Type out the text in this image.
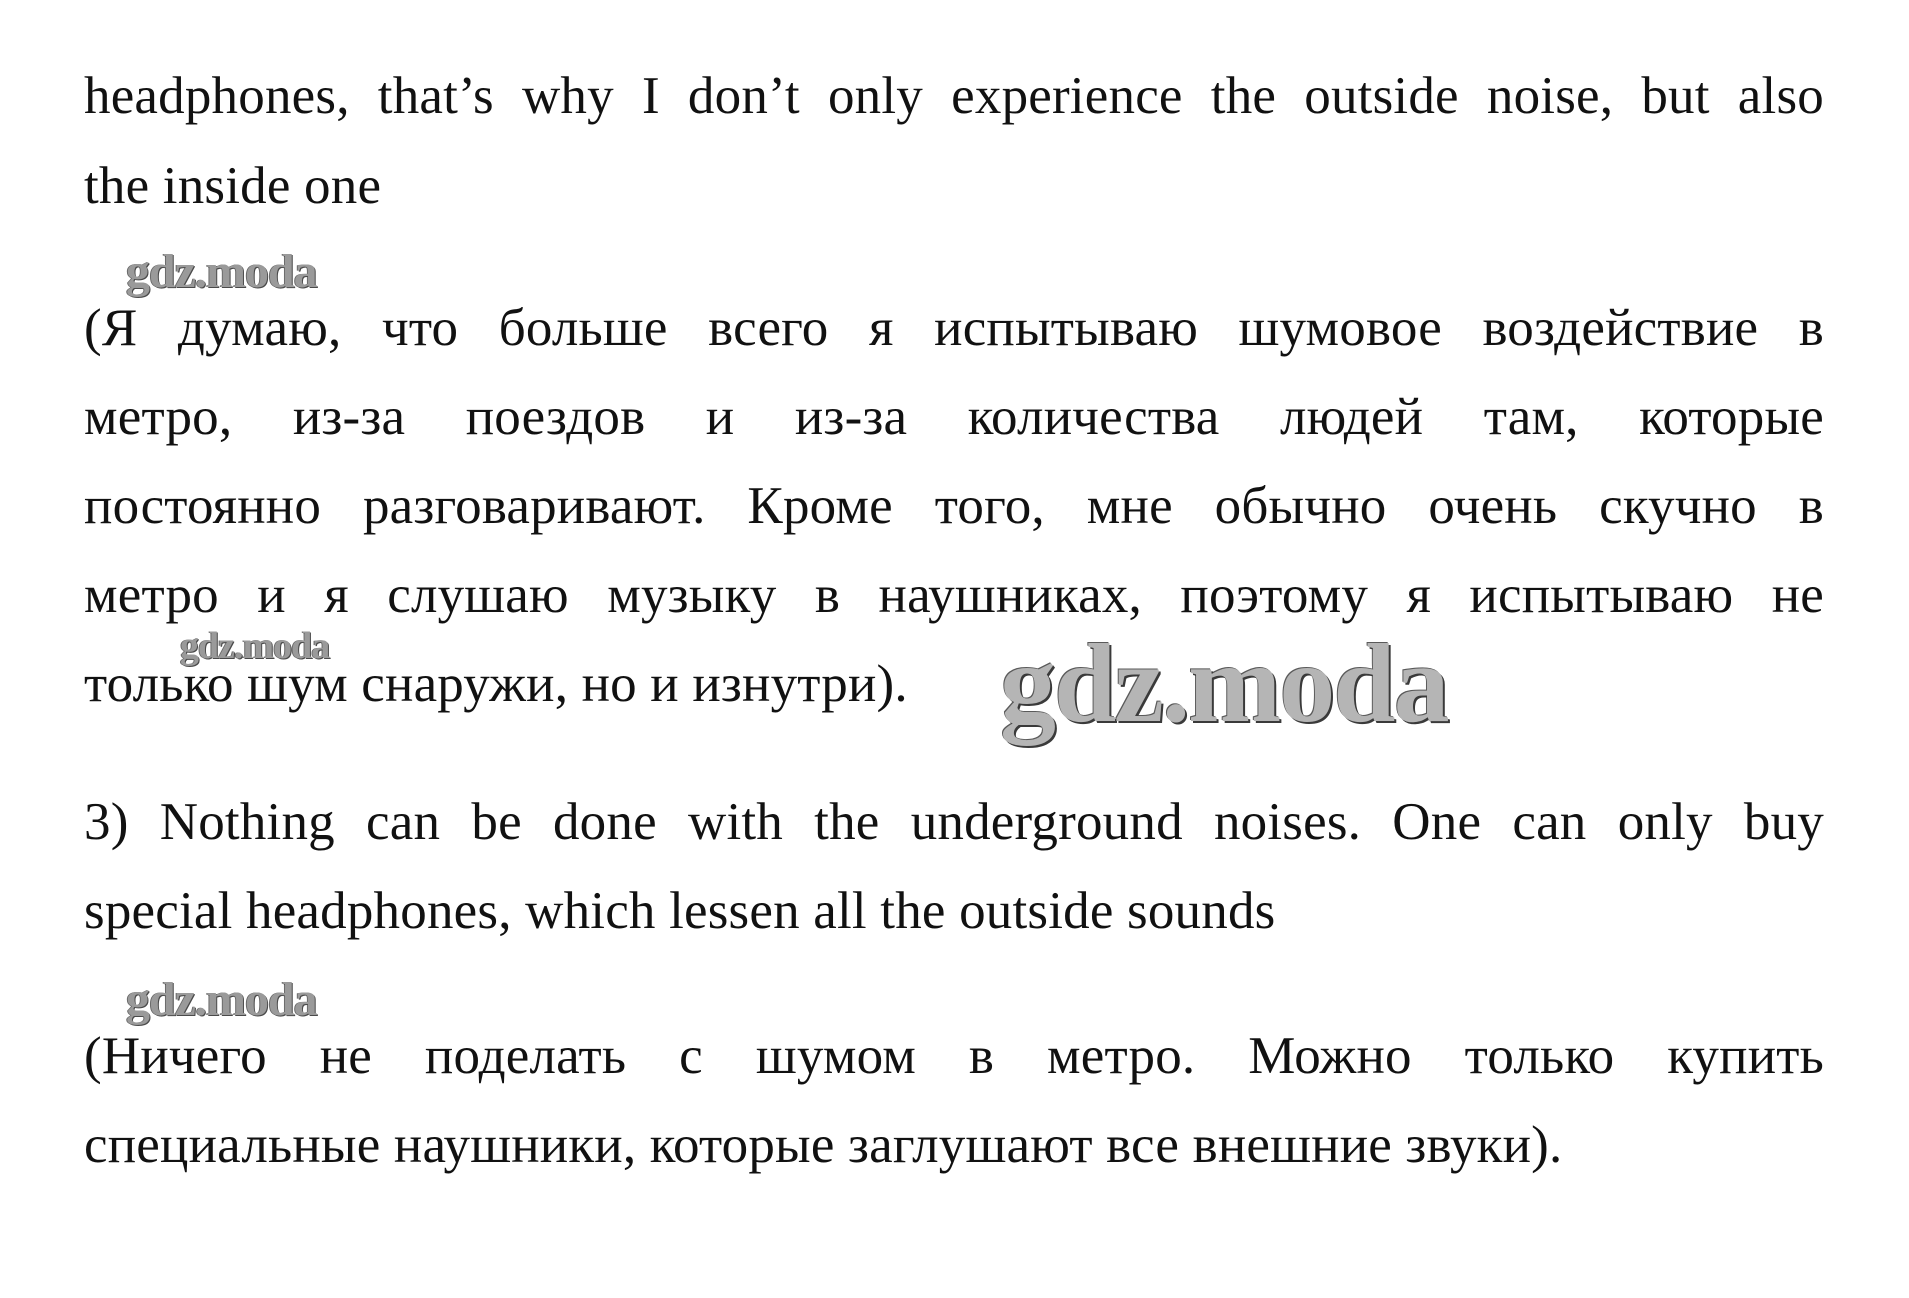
headphones, that’s why I don’t only experience the outside noise, but also
the inside one
gdz.moda
(Я думаю, что больше всего я испытываю шумовое воздействие в
метро, из-за поездов и из-за количества людей там, которые
постоянно разговаривают. Кроме того, мне обычно очень скучно в
метро и я слушаю музыку в наушниках, поэтому я испытываю не
gdz.moda
только шум снаружи, но и изнутри). gdz.moda
3) Nothing can be done with the underground noises. One can only buy
special headphones, which lessen all the outside sounds
gdz.moda
(Ничего не поделать с шумом в метро. Можно только купить
специальные наушники, которые заглушают все внешние звуки).
